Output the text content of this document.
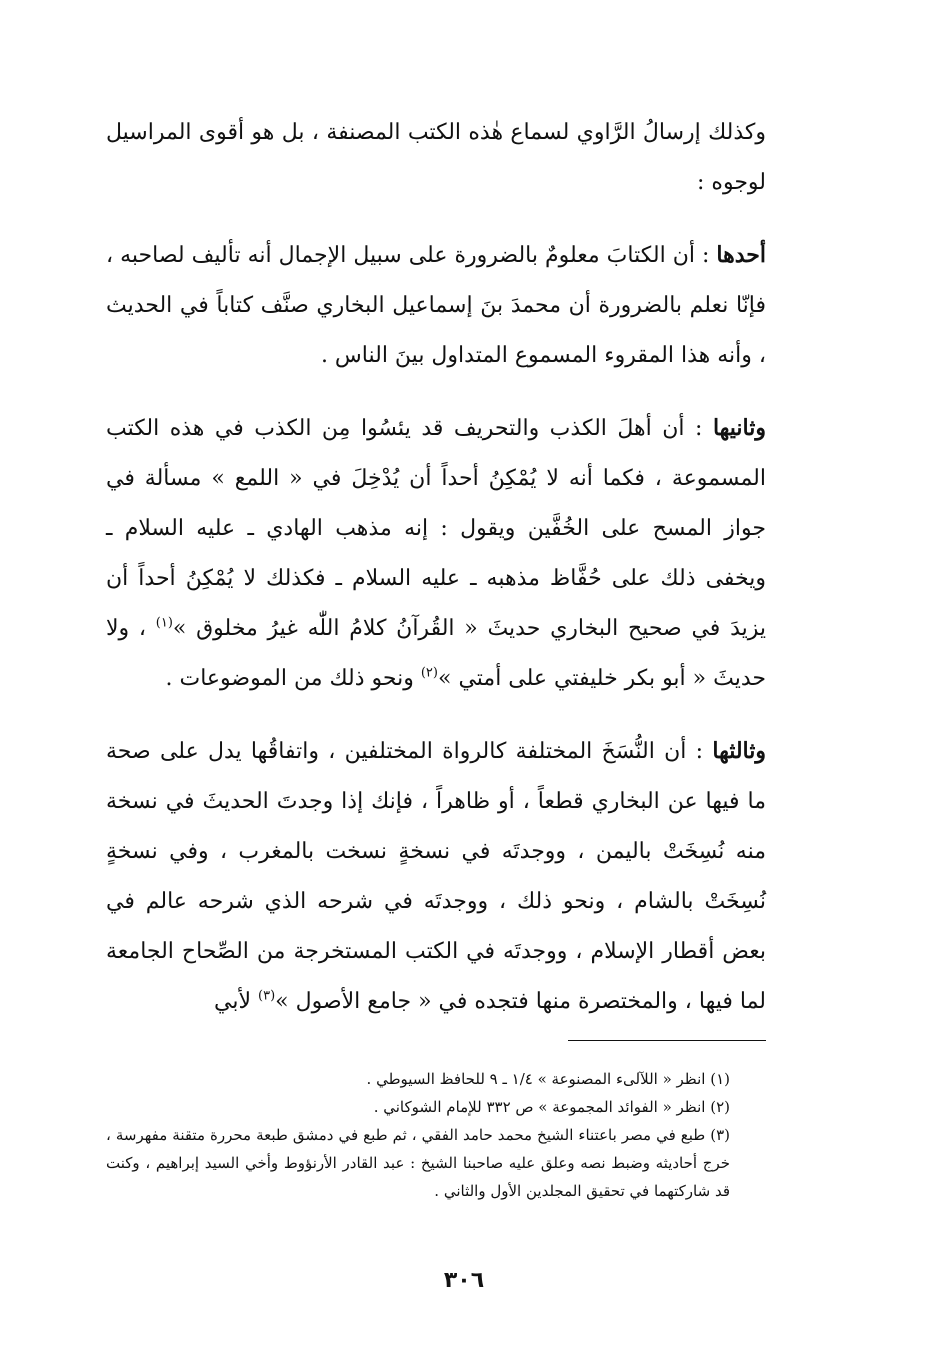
وكذلك إرسالُ الرَّاوي لسماع هٰذه الكتب المصنفة ، بل هو أقوى المراسيل لوجوه :

أحدها : أن الكتابَ معلومٌ بالضرورة على سبيل الإجمال أنه تأليف لصاحبه ، فإنّا نعلم بالضرورة أن محمدَ بنَ إسماعيل البخاري صنَّف كتاباً في الحديث ، وأنه هذا المقروء المسموع المتداول بينَ الناس .

وثانيها : أن أهلَ الكذب والتحريف قد يئسُوا مِن الكذب في هذه الكتب المسموعة ، فكما أنه لا يُمْكِنُ أحداً أن يُدْخِلَ في « اللمع » مسألة في جواز المسح على الخُفَّين ويقول : إنه مذهب الهادي ـ عليه السلام ـ ويخفى ذلك على حُفَّاظ مذهبه ـ عليه السلام ـ فكذلك لا يُمْكِنُ أحداً أن يزيدَ في صحيح البخاري حديثَ « القُرآنُ كلامُ اللّٰه غيرُ مخلوق »$^{(١)}$ ، ولا حديثَ « أبو بكر خليفتي على أمتي »$^{(٢)}$ ونحو ذلك من الموضوعات .

وثالثها : أن النُّسَخَ المختلفة كالرواة المختلفين ، واتفاقُها يدل على صحة ما فيها عن البخاري قطعاً ، أو ظاهراً ، فإنك إذا وجدتَ الحديثَ في نسخة منه نُسِخَتْ باليمن ، ووجدتَه في نسخةٍ نسخت بالمغرب ، وفي نسخةٍ نُسِخَتْ بالشام ، ونحو ذلك ، ووجدتَه في شرحه الذي شرحه عالم في بعض أقطار الإسلام ، ووجدتَه في الكتب المستخرجة من الصِّحاح الجامعة لما فيها ، والمختصرة منها فتجده في « جامع الأصول »$^{(٣)}$ لأبي

(١) انظر « اللآلىء المصنوعة » ١/٤ ـ ٩ للحافظ السيوطي .

(٢) انظر « الفوائد المجموعة » ص ٣٣٢ للإمام الشوكاني .

(٣) طبع في مصر باعتناء الشيخ محمد حامد الفقي ، ثم طبع في دمشق طبعة محررة متقنة مفهرسة ، خرج أحاديثه وضبط نصه وعلق عليه صاحبنا الشيخ : عبد القادر الأرنؤوط وأخي السيد إبراهيم ، وكنت قد شاركتهما في تحقيق المجلدين الأول والثاني .

٣٠٦
